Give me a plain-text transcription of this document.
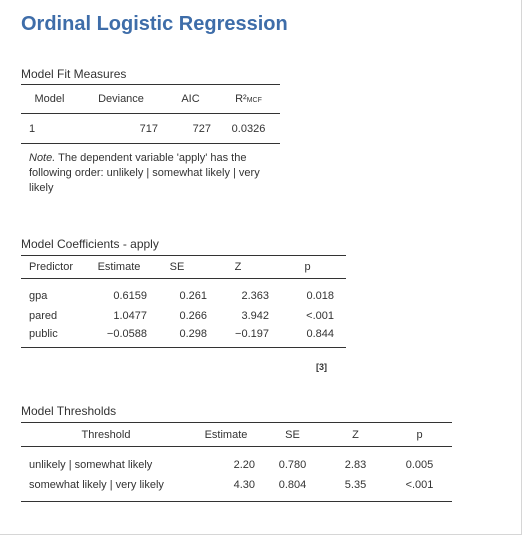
Ordinal Logistic Regression
Model Fit Measures
Model	Deviance	AIC	R²MCF
1	717	727	0.0326

Note. The dependent variable 'apply' has the following order: unlikely | somewhat likely | very likely
Model Coefficients - apply
Predictor	Estimate	SE	Z	p
gpa	0.6159	0.261	2.363	0.018
pared	1.0477	0.266	3.942	<.001
public	−0.0588	0.298	−0.197	0.844

[3]
Model Thresholds
Threshold	Estimate	SE	Z	p
unlikely | somewhat likely	2.20	0.780	2.83	0.005
somewhat likely | very likely	4.30	0.804	5.35	<.001
